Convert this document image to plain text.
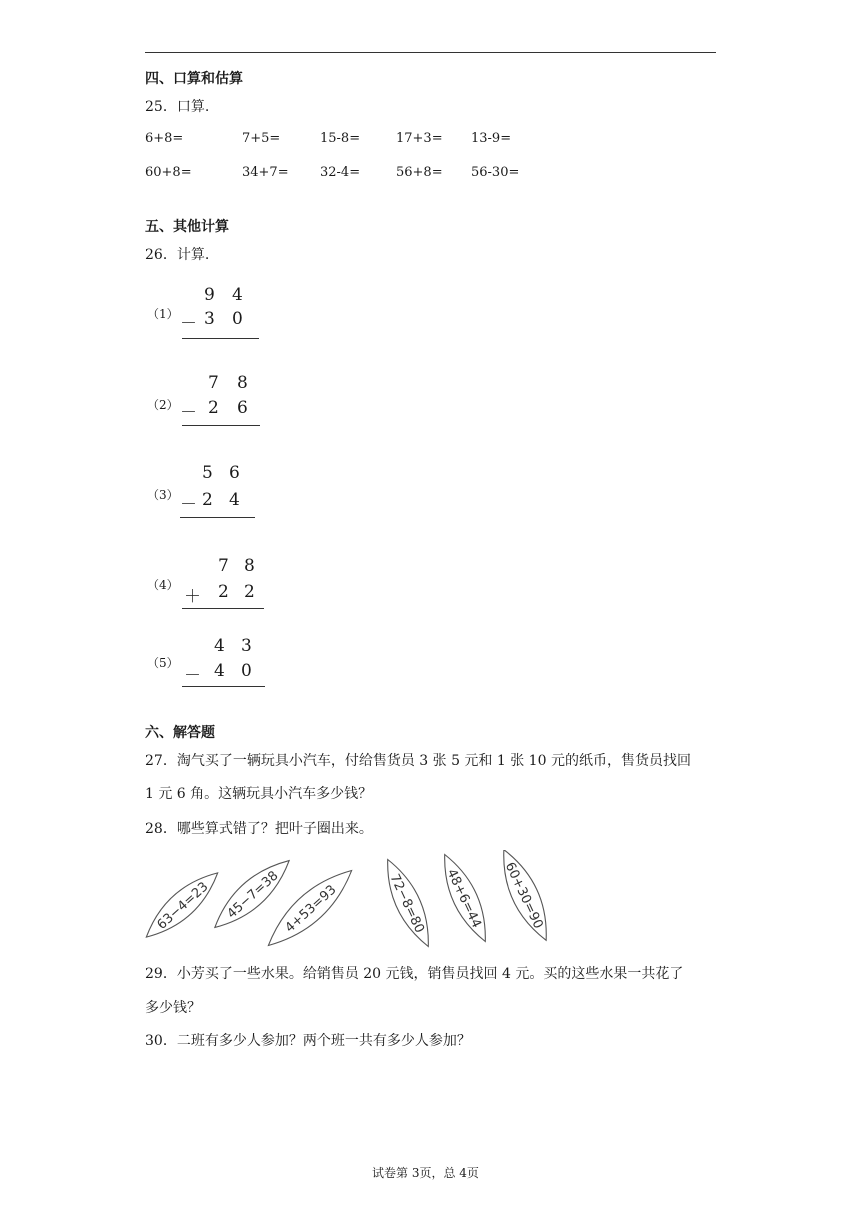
四、口算和估算
25．口算.
6+8=	7+5=	15-8=	17+3= 13-9=
60+8=	34+7= 32-4=	56+8= 56-30=
五、其他计算
26．计算.
（1）
9 4
－ 3 0
（2）
7 8
－ 2 6
（3）
5 6
－ 2 4
（4）
7 8
＋ 2 2
（5）
4 3
－ 4 0
六、解答题
27．淘气买了一辆玩具小汽车，付给售货员 3 张 5 元和 1 张 10 元的纸币，售货员找回
1 元 6 角。这辆玩具小汽车多少钱？
28．哪些算式错了？把叶子圈出来。
63−4=23 45−7=38 4+53=93	72−8=80 48+6=44 60+30=90
29．小芳买了一些水果。给销售员 20 元钱，销售员找回 4 元。买的这些水果一共花了
多少钱？
30．二班有多少人参加？两个班一共有多少人参加？
试卷第 3页，总 4页
